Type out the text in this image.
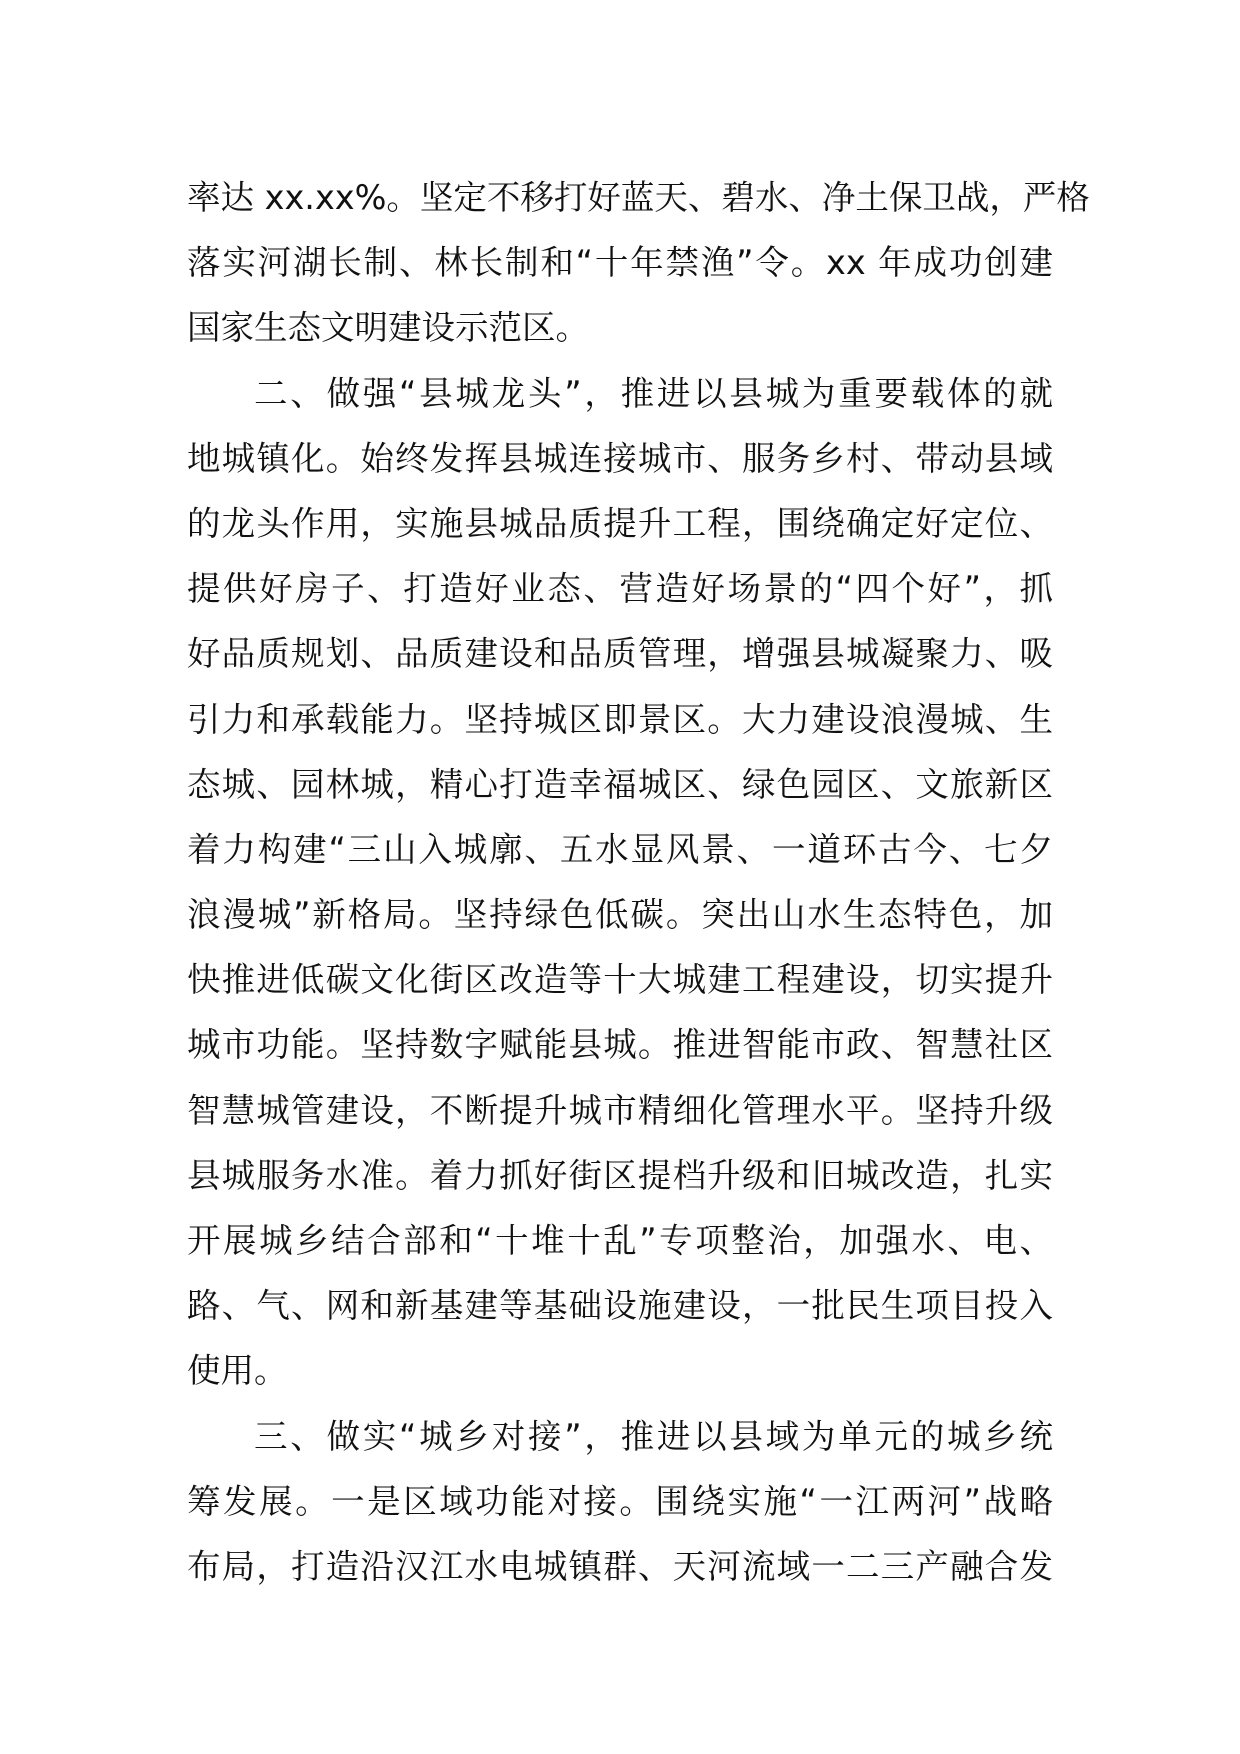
率达 xx.xx%。坚定不移打好蓝天、碧水、净土保卫战，严格
落实河湖长制、林长制和“十年禁渔”令。xx 年成功创建
国家生态文明建设示范区。
二、做强“县城龙头”，推进以县城为重要载体的就
地城镇化。始终发挥县城连接城市、服务乡村、带动县域
的龙头作用，实施县城品质提升工程，围绕确定好定位、
提供好房子、打造好业态、营造好场景的“四个好”，抓
好品质规划、品质建设和品质管理，增强县城凝聚力、吸
引力和承载能力。坚持城区即景区。大力建设浪漫城、生
态城、园林城，精心打造幸福城区、绿色园区、文旅新区
着力构建“三山入城廓、五水显风景、一道环古今、七夕
浪漫城”新格局。坚持绿色低碳。突出山水生态特色，加
快推进低碳文化街区改造等十大城建工程建设，切实提升
城市功能。坚持数字赋能县城。推进智能市政、智慧社区
智慧城管建设，不断提升城市精细化管理水平。坚持升级
县城服务水准。着力抓好街区提档升级和旧城改造，扎实
开展城乡结合部和“十堆十乱”专项整治，加强水、电、
路、气、网和新基建等基础设施建设，一批民生项目投入
使用。
三、做实“城乡对接”，推进以县域为单元的城乡统
筹发展。一是区域功能对接。围绕实施“一江两河”战略
布局，打造沿汉江水电城镇群、天河流域一二三产融合发
